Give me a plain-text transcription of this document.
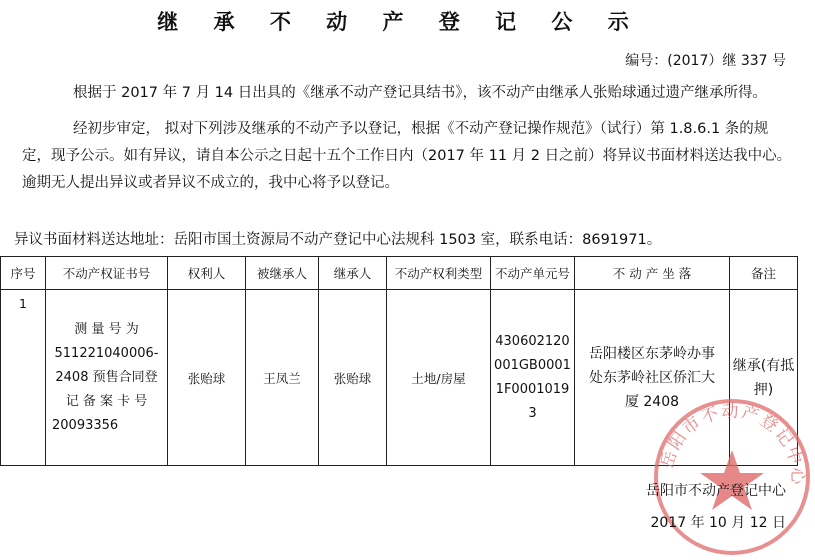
继 承 不 动 产 登 记 公 示
编号：(2017）继 337 号
根据于 2017 年 7 月 14 日出具的《继承不动产登记具结书》，该不动产由继承人张贻球通过遗产继承所得。
经初步审定， 拟对下列涉及继承的不动产予以登记，根据《不动产登记操作规范》（试行）第 1.8.6.1 条的规定，现予公示。如有异议，请自本公示之日起十五个工作日内（2017 年 11 月 2 日之前）将异议书面材料送达我中心。逾期无人提出异议或者异议不成立的，我中心将予以登记。
异议书面材料送达地址：岳阳市国土资源局不动产登记中心法规科 1503 室，联系电话：8691971。
序号	不动产权证书号	权利人	被继承人	继承人	不动产权利类型	不动产单元号	不 动 产 坐 落	备注
1	测 量 号 为 511221040006-2408 预售合同登记 备 案 卡 号 20093356	张贻球	王凤兰	张贻球	土地/房屋	430602120001GB00011F00010193	岳阳楼区东茅岭办事处东茅岭社区侨汇大厦 2408	继承(有抵押)
岳阳市不动产登记中心
岳阳市不动产登记中心
2017 年 10 月 12 日
